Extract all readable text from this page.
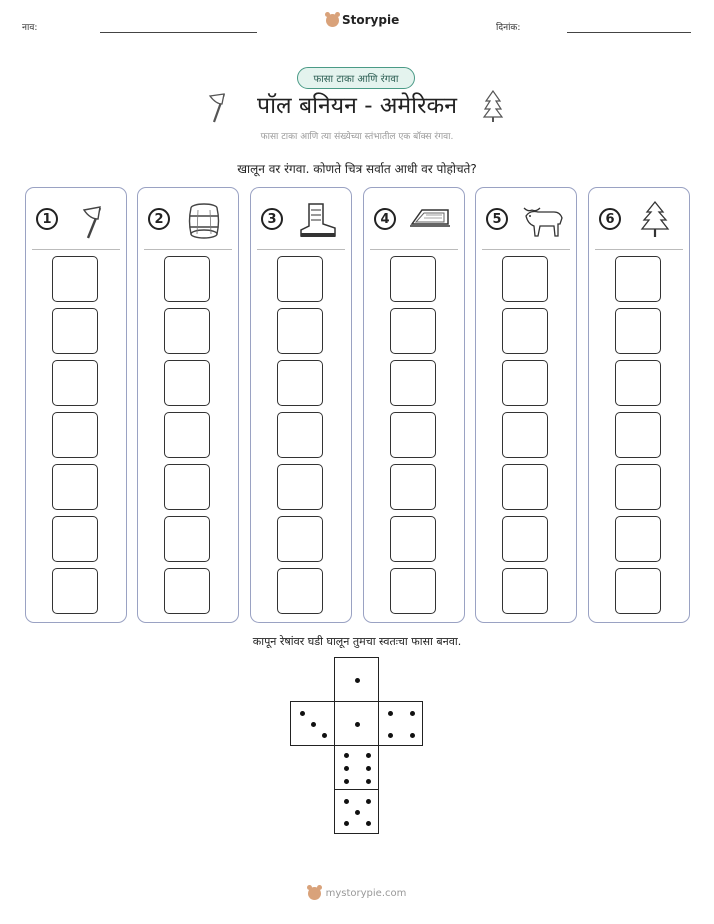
नाव:
Storypie
दिनांक:
फासा टाका आणि रंगवा
पॉल बनियन - अमेरिकन
फासा टाका आणि त्या संख्येच्या स्तंभातील एक बॉक्स रंगवा.
खालून वर रंगवा. कोणते चित्र सर्वात आधी वर पोहोचते?
1	2	3	4	5	6
कापून रेषांवर घडी घालून तुमचा स्वतःचा फासा बनवा.
mystorypie.com
